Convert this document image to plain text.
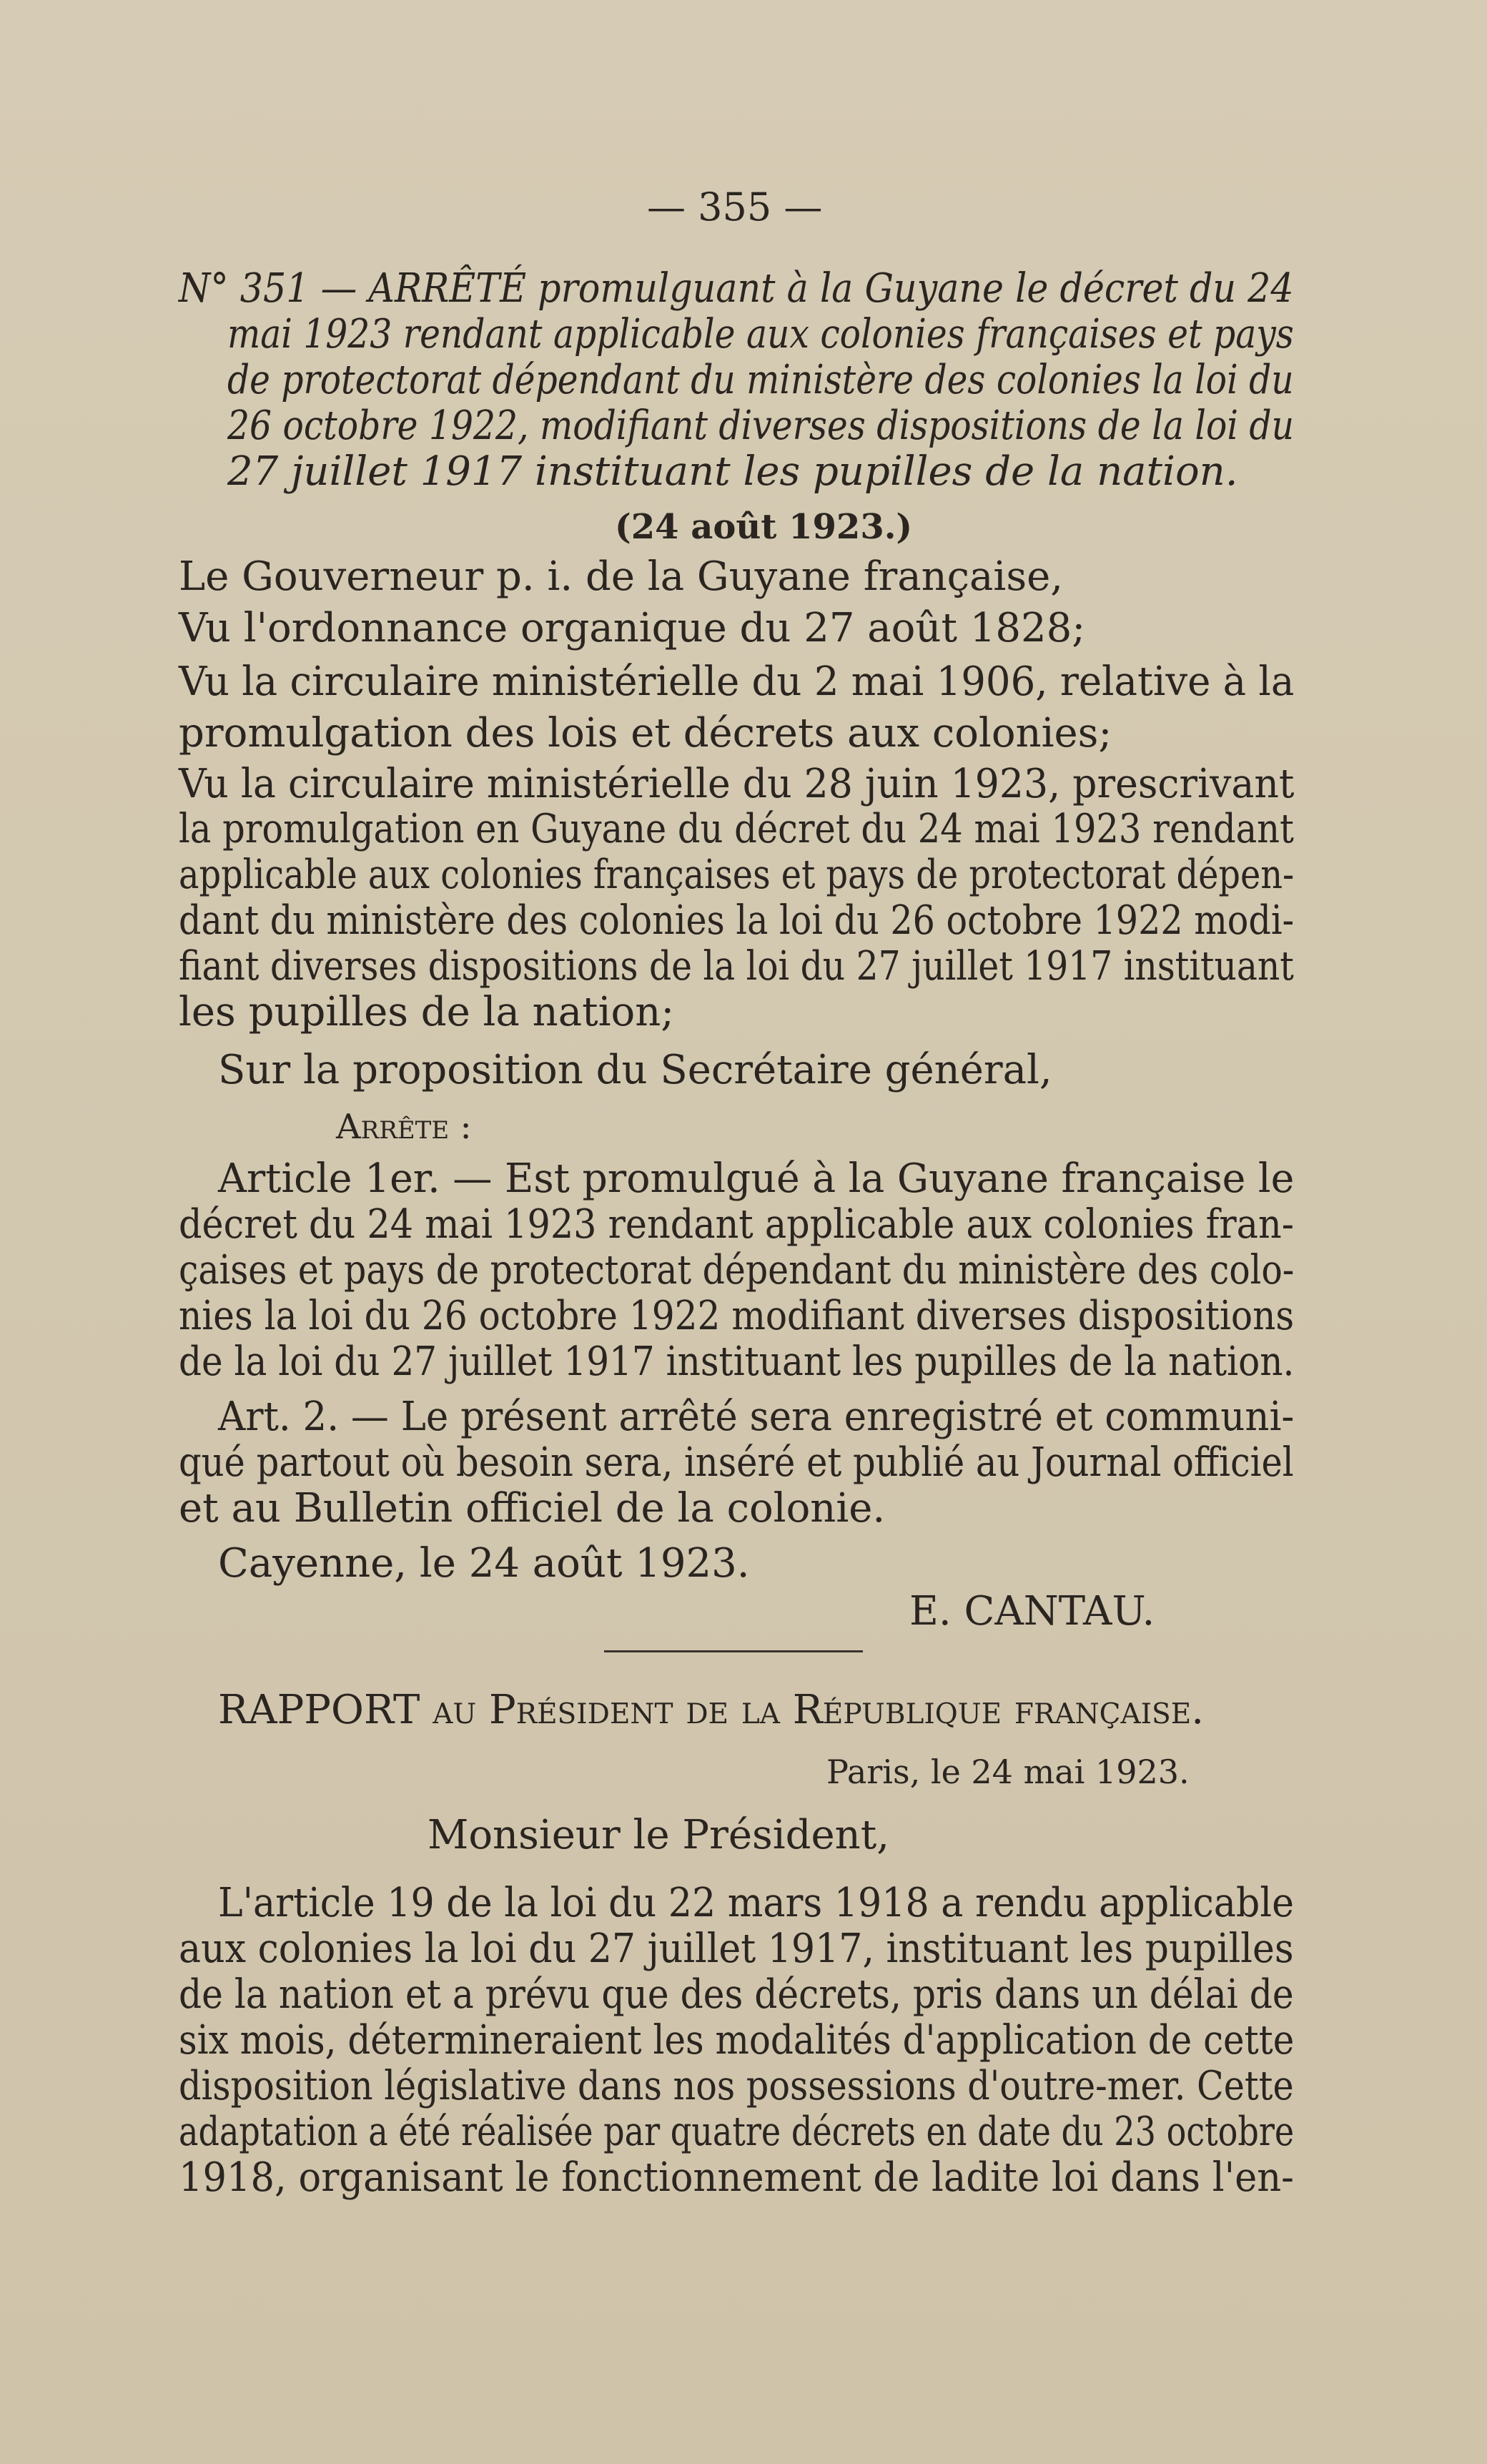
— 355 —
N° 351 — ARRÊTÉ promulguant à la Guyane le décret du 24
mai 1923 rendant applicable aux colonies françaises et pays
de protectorat dépendant du ministère des colonies la loi du
26 octobre 1922, modifiant diverses dispositions de la loi du
27 juillet 1917 instituant les pupilles de la nation.
(24 août 1923.)
Le Gouverneur p. i. de la Guyane française,
Vu l'ordonnance organique du 27 août 1828;
Vu la circulaire ministérielle du 2 mai 1906, relative à la
promulgation des lois et décrets aux colonies;
Vu la circulaire ministérielle du 28 juin 1923, prescrivant
la promulgation en Guyane du décret du 24 mai 1923 rendant
applicable aux colonies françaises et pays de protectorat dépen-
dant du ministère des colonies la loi du 26 octobre 1922 modi-
fiant diverses dispositions de la loi du 27 juillet 1917 instituant
les pupilles de la nation;
Sur la proposition du Secrétaire général,
Arrête :
Article 1er. — Est promulgué à la Guyane française le
décret du 24 mai 1923 rendant applicable aux colonies fran-
çaises et pays de protectorat dépendant du ministère des colo-
nies la loi du 26 octobre 1922 modifiant diverses dispositions
de la loi du 27 juillet 1917 instituant les pupilles de la nation.
Art. 2. — Le présent arrêté sera enregistré et communi-
qué partout où besoin sera, inséré et publié au Journal officiel
et au Bulletin officiel de la colonie.
Cayenne, le 24 août 1923.
E. CANTAU.
RAPPORT au Président de la République française.
Paris, le 24 mai 1923.
Monsieur le Président,
L'article 19 de la loi du 22 mars 1918 a rendu applicable
aux colonies la loi du 27 juillet 1917, instituant les pupilles
de la nation et a prévu que des décrets, pris dans un délai de
six mois, détermineraient les modalités d'application de cette
disposition législative dans nos possessions d'outre-mer. Cette
adaptation a été réalisée par quatre décrets en date du 23 octobre
1918, organisant le fonctionnement de ladite loi dans l'en-
